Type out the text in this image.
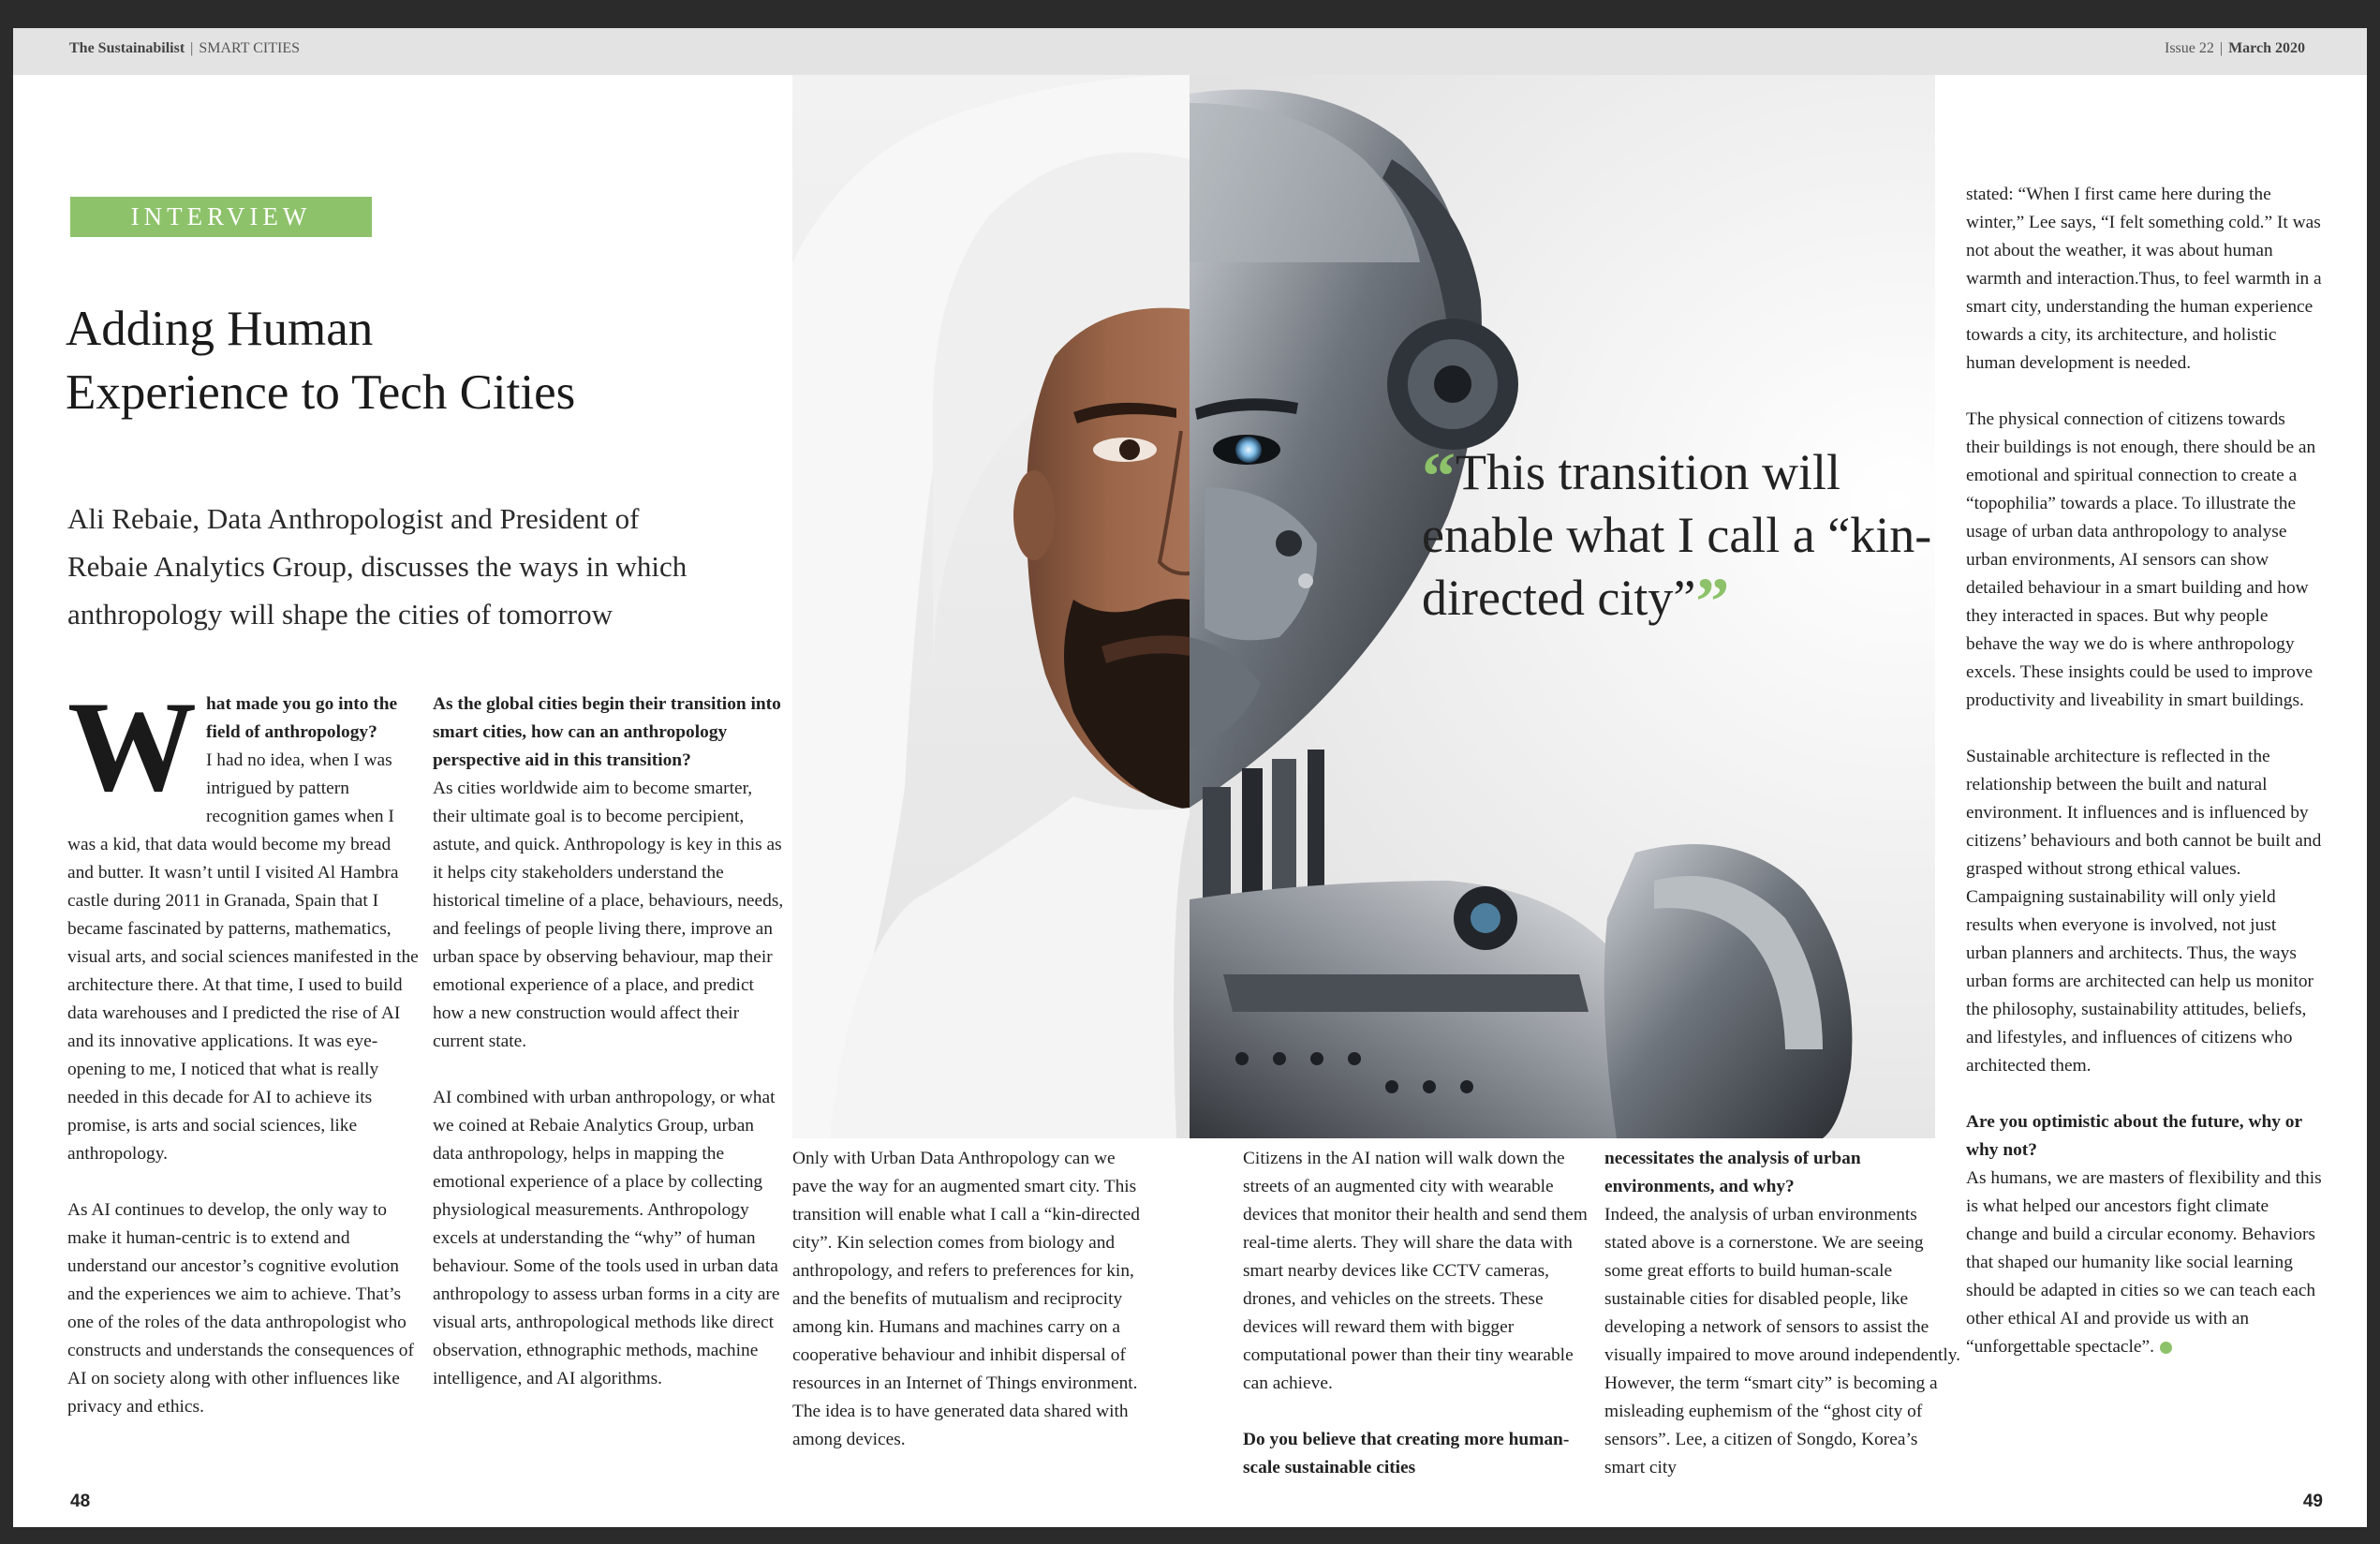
The Sustainabilist | SMART CITIES	Issue 22 | March 2020
INTERVIEW
Adding Human
Experience to Tech Cities

Ali Rebaie, Data Anthropologist and President of Rebaie Analytics Group, discusses the ways in which anthropology will shape the cities of tomorrow

What made you go into the field of anthropology?
I had no idea, when I was intrigued by pattern recognition games when I was a kid, that data would become my bread and butter. It wasn’t until I visited Al Hambra castle during 2011 in Granada, Spain that I became fascinated by patterns, mathematics, visual arts, and social sciences manifested in the architecture there. At that time, I used to build data warehouses and I predicted the rise of AI and its innovative applications. It was eye-opening to me, I noticed that what is really needed in this decade for AI to achieve its promise, is arts and social sciences, like anthropology.

As AI continues to develop, the only way to make it human-centric is to extend and understand our ancestor’s cognitive evolution and the experiences we aim to achieve. That’s one of the roles of the data anthropologist who constructs and understands the consequences of AI on society along with other influences like privacy and ethics.

As the global cities begin their transition into smart cities, how can an anthropology perspective aid in this transition?
As cities worldwide aim to become smarter, their ultimate goal is to become percipient, astute, and quick. Anthropology is key in this as it helps city stakeholders understand the historical timeline of a place, behaviours, needs, and feelings of people living there, improve an urban space by observing behaviour, map their emotional experience of a place, and predict how a new construction would affect their current state.

AI combined with urban anthropology, or what we coined at Rebaie Analytics Group, urban data anthropology, helps in mapping the emotional experience of a place by collecting physiological measurements. Anthropology excels at understanding the “why” of human behaviour. Some of the tools used in urban data anthropology to assess urban forms in a city are visual arts, anthropological methods like direct observation, ethnographic methods, machine intelligence, and AI algorithms.

“This transition will enable what I call a “kin-directed city””

Only with Urban Data Anthropology can we pave the way for an augmented smart city. This transition will enable what I call a “kin-directed city”. Kin selection comes from biology and anthropology, and refers to preferences for kin, and the benefits of mutualism and reciprocity among kin. Humans and machines carry on a cooperative behaviour and inhibit dispersal of resources in an Internet of Things environment. The idea is to have generated data shared with among devices.

Citizens in the AI nation will walk down the streets of an augmented city with wearable devices that monitor their health and send them real-time alerts. They will share the data with smart nearby devices like CCTV cameras, drones, and vehicles on the streets. These devices will reward them with bigger computational power than their tiny wearable can achieve.

Do you believe that creating more human-scale sustainable cities

necessitates the analysis of urban environments, and why?
Indeed, the analysis of urban environments stated above is a cornerstone. We are seeing some great efforts to build human-scale sustainable cities for disabled people, like developing a network of sensors to assist the visually impaired to move around independently. However, the term “smart city” is becoming a misleading euphemism of the “ghost city of sensors”. Lee, a citizen of Songdo, Korea’s smart city

stated: “When I first came here during the winter,” Lee says, “I felt something cold.” It was not about the weather, it was about human warmth and interaction.Thus, to feel warmth in a smart city, understanding the human experience towards a city, its architecture, and holistic human development is needed.

The physical connection of citizens towards their buildings is not enough, there should be an emotional and spiritual connection to create a “topophilia” towards a place. To illustrate the usage of urban data anthropology to analyse urban environments, AI sensors can show detailed behaviour in a smart building and how they interacted in spaces. But why people behave the way we do is where anthropology excels. These insights could be used to improve productivity and liveability in smart buildings.

Sustainable architecture is reflected in the relationship between the built and natural environment. It influences and is influenced by citizens’ behaviours and both cannot be built and grasped without strong ethical values. Campaigning sustainability will only yield results when everyone is involved, not just urban planners and architects. Thus, the ways urban forms are architected can help us monitor the philosophy, sustainability attitudes, beliefs, and lifestyles, and influences of citizens who architected them.

Are you optimistic about the future, why or why not?
As humans, we are masters of flexibility and this is what helped our ancestors fight climate change and build a circular economy. Behaviors that shaped our humanity like social learning should be adapted in cities so we can teach each other ethical AI and provide us with an “unforgettable spectacle”.

48	49
